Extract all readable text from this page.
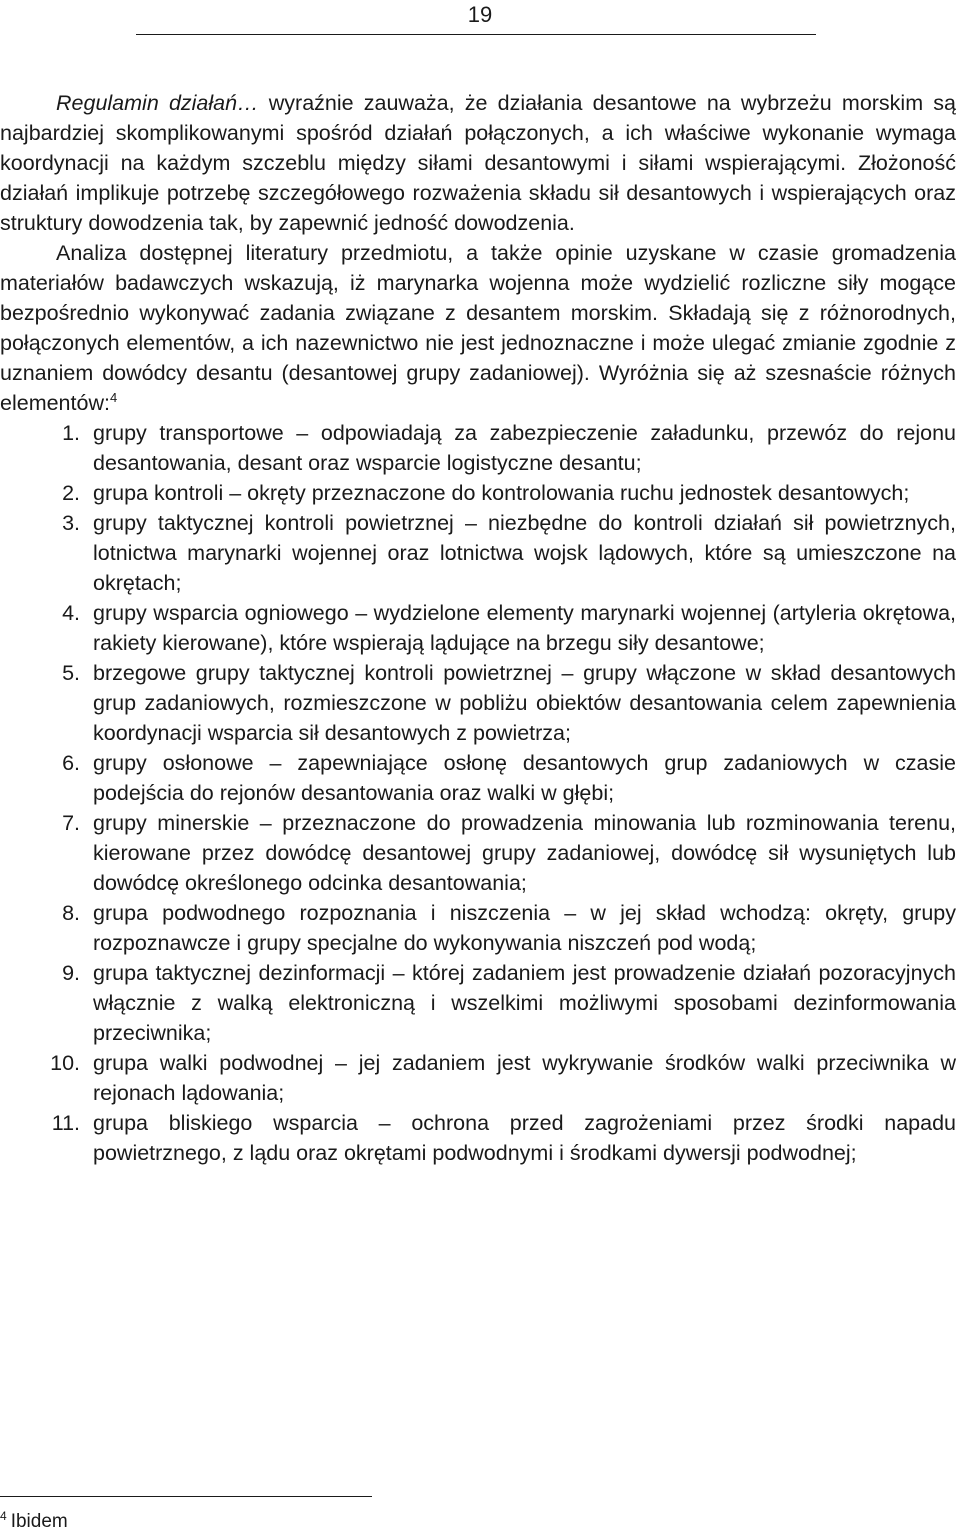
19

Regulamin działań… wyraźnie zauważa, że działania desantowe na wybrzeżu morskim są najbardziej skomplikowanymi spośród działań połączonych, a ich właściwe wykonanie wymaga koordynacji na każdym szczeblu między siłami desantowymi i siłami wspierającymi. Złożoność działań implikuje potrzebę szczegółowego rozważenia składu sił desantowych i wspierających oraz struktury dowodzenia tak, by zapewnić jedność dowodzenia.

Analiza dostępnej literatury przedmiotu, a także opinie uzyskane w czasie gromadzenia materiałów badawczych wskazują, iż marynarka wojenna może wydzielić rozliczne siły mogące bezpośrednio wykonywać zadania związane z desantem morskim. Składają się z różnorodnych, połączonych elementów, a ich nazewnictwo nie jest jednoznaczne i może ulegać zmianie zgodnie z uznaniem dowódcy desantu (desantowej grupy zadaniowej). Wyróżnia się aż szesnaście różnych elementów:$^4$

1. grupy transportowe – odpowiadają za zabezpieczenie załadunku, przewóz do rejonu desantowania, desant oraz wsparcie logistyczne desantu;
2. grupa kontroli – okręty przeznaczone do kontrolowania ruchu jednostek desantowych;
3. grupy taktycznej kontroli powietrznej – niezbędne do kontroli działań sił powietrznych, lotnictwa marynarki wojennej oraz lotnictwa wojsk lądowych, które są umieszczone na okrętach;
4. grupy wsparcia ogniowego – wydzielone elementy marynarki wojennej (artyleria okrętowa, rakiety kierowane), które wspierają lądujące na brzegu siły desantowe;
5. brzegowe grupy taktycznej kontroli powietrznej – grupy włączone w skład desantowych grup zadaniowych, rozmieszczone w pobliżu obiektów desantowania celem zapewnienia koordynacji wsparcia sił desantowych z powietrza;
6. grupy osłonowe – zapewniające osłonę desantowych grup zadaniowych w czasie podejścia do rejonów desantowania oraz walki w głębi;
7. grupy minerskie – przeznaczone do prowadzenia minowania lub rozminowania terenu, kierowane przez dowódcę desantowej grupy zadaniowej, dowódcę sił wysuniętych lub dowódcę określonego odcinka desantowania;
8. grupa podwodnego rozpoznania i niszczenia – w jej skład wchodzą: okręty, grupy rozpoznawcze i grupy specjalne do wykonywania niszczeń pod wodą;
9. grupa taktycznej dezinformacji – której zadaniem jest prowadzenie działań pozoracyjnych włącznie z walką elektroniczną i wszelkimi możliwymi sposobami dezinformowania przeciwnika;
10. grupa walki podwodnej – jej zadaniem jest wykrywanie środków walki przeciwnika w rejonach lądowania;
11. grupa bliskiego wsparcia – ochrona przed zagrożeniami przez środki napadu powietrznego, z lądu oraz okrętami podwodnymi i środkami dywersji podwodnej;
$^4$ Ibidem
